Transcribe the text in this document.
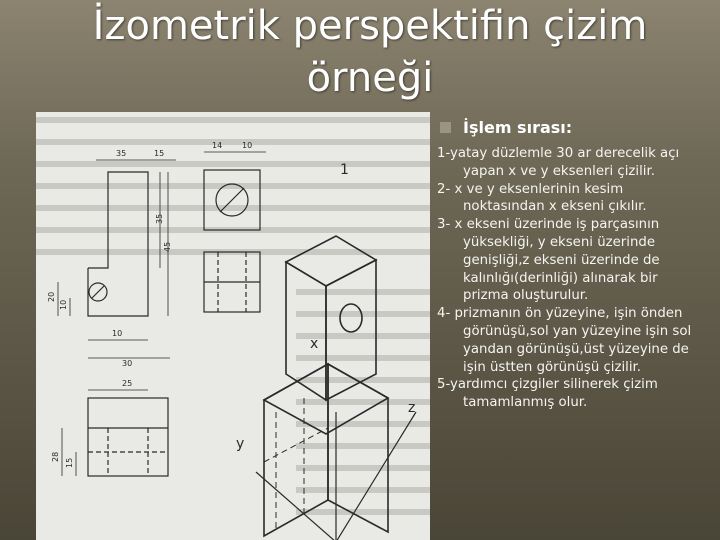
İzometrik perspektifin çizim
örneği
35	15
14 10
35
45
20
10
10
30
25
28
15
1
x
y
z
İşlem sırası:

1-yatay düzlemle 30 ar derecelik açı yapan x ve y eksenleri çizilir.

2- x ve y eksenlerinin kesim noktasından x ekseni çıkılır.

3- x ekseni üzerinde iş parçasının yüksekliği, y ekseni üzerinde genişliği,z ekseni üzerinde de kalınlığı(derinliği) alınarak bir prizma oluşturulur.

4- prizmanın ön yüzeyine, işin önden görünüşü,sol yan yüzeyine işin sol yandan görünüşü,üst yüzeyine de işin üstten görünüşü çizilir.

5-yardımcı çizgiler silinerek çizim tamamlanmış olur.
